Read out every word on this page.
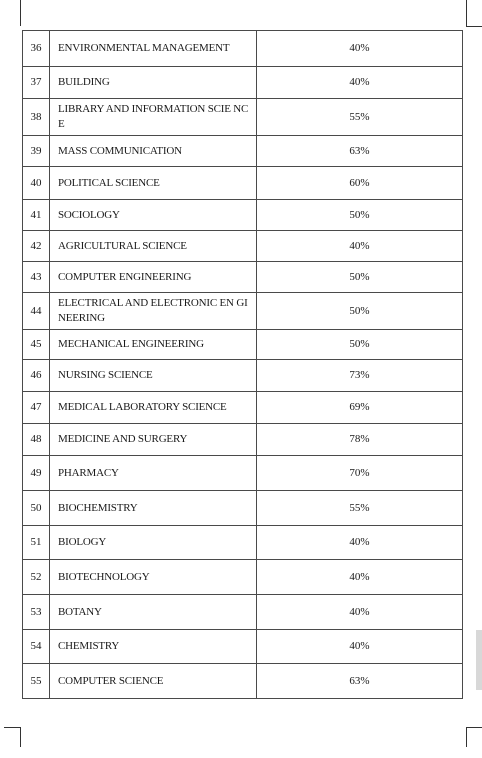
36	ENVIRONMENTAL MANAGEMENT	40%
37	BUILDING	40%
38	LIBRARY AND INFORMATION SCIE NCE	55%
39	MASS COMMUNICATION	63%
40	POLITICAL SCIENCE	60%
41	SOCIOLOGY	50%
42	AGRICULTURAL SCIENCE	40%
43	COMPUTER ENGINEERING	50%
44	ELECTRICAL AND ELECTRONIC EN GINEERING	50%
45	MECHANICAL ENGINEERING	50%
46	NURSING SCIENCE	73%
47	MEDICAL LABORATORY SCIENCE	69%
48	MEDICINE AND SURGERY	78%
49	PHARMACY	70%
50	BIOCHEMISTRY	55%
51	BIOLOGY	40%
52	BIOTECHNOLOGY	40%
53	BOTANY	40%
54	CHEMISTRY	40%
55	COMPUTER SCIENCE	63%
